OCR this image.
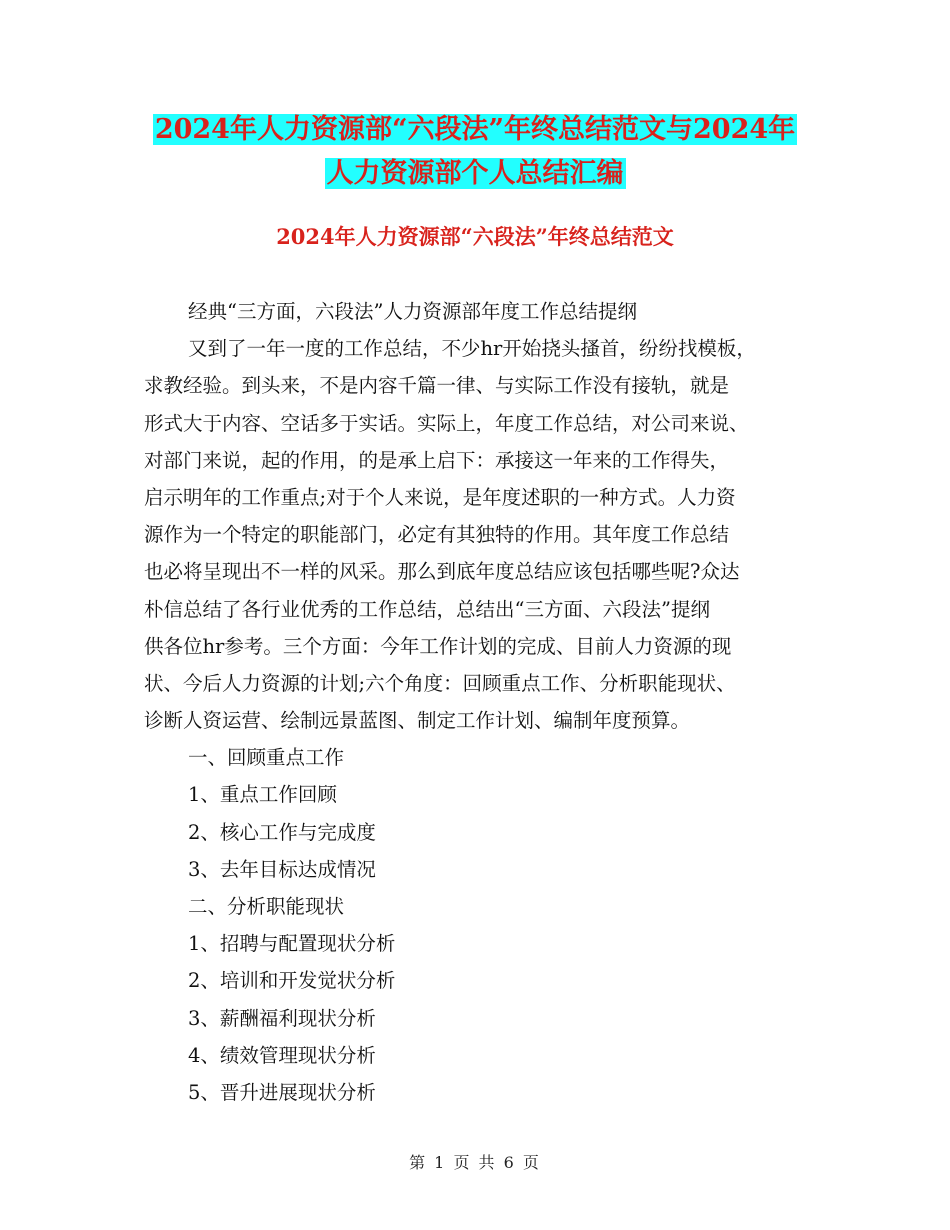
2024年人力资源部“六段法”年终总结范文与2024年
人力资源部个人总结汇编
2024年人力资源部“六段法”年终总结范文
经典“三方面，六段法”人力资源部年度工作总结提纲
又到了一年一度的工作总结，不少hr开始挠头搔首，纷纷找模板，
求教经验。到头来，不是内容千篇一律、与实际工作没有接轨，就是
形式大于内容、空话多于实话。实际上，年度工作总结，对公司来说、
对部门来说，起的作用，的是承上启下：承接这一年来的工作得失，
启示明年的工作重点;对于个人来说，是年度述职的一种方式。人力资
源作为一个特定的职能部门，必定有其独特的作用。其年度工作总结
也必将呈现出不一样的风采。那么到底年度总结应该包括哪些呢?众达
朴信总结了各行业优秀的工作总结，总结出“三方面、六段法”提纲
供各位hr参考。三个方面：今年工作计划的完成、目前人力资源的现
状、今后人力资源的计划;六个角度：回顾重点工作、分析职能现状、
诊断人资运营、绘制远景蓝图、制定工作计划、编制年度预算。
一、回顾重点工作
1、重点工作回顾
2、核心工作与完成度
3、去年目标达成情况
二、分析职能现状
1、招聘与配置现状分析
2、培训和开发觉状分析
3、薪酬福利现状分析
4、绩效管理现状分析
5、晋升进展现状分析
第 1 页 共 6 页
